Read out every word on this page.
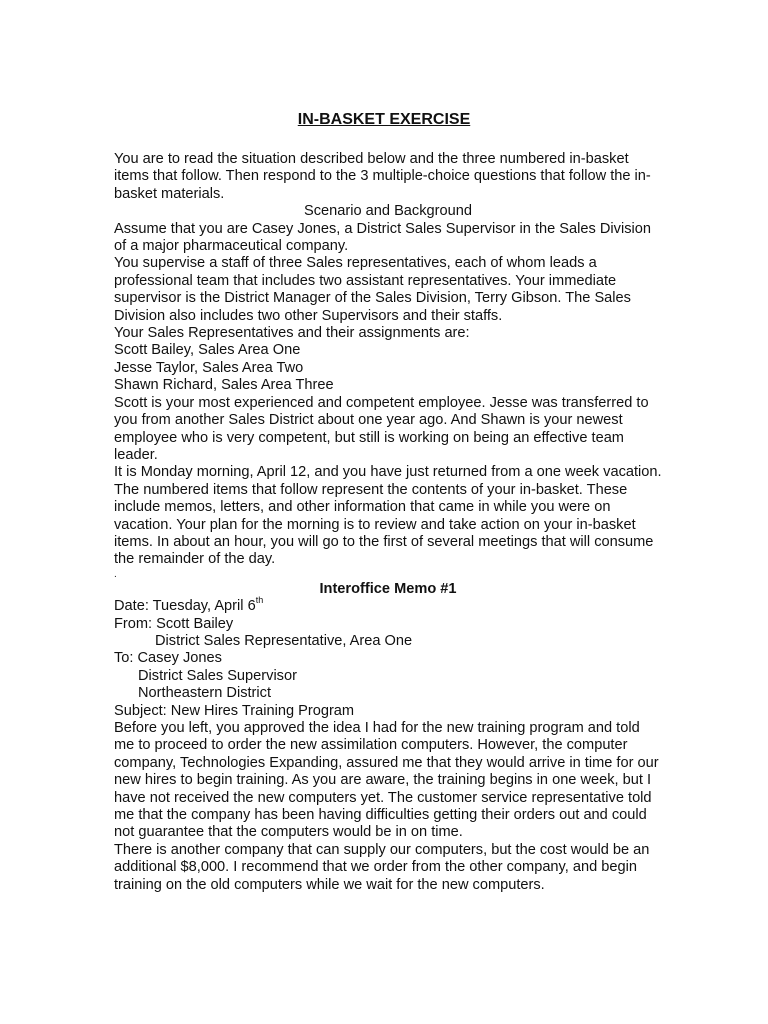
IN-BASKET EXERCISE

You are to read the situation described below and the three numbered in-basket items that follow. Then respond to the 3 multiple-choice questions that follow the in-basket materials.

Scenario and Background

Assume that you are Casey Jones, a District Sales Supervisor in the Sales Division of a major pharmaceutical company.

You supervise a staff of three Sales representatives, each of whom leads a professional team that includes two assistant representatives. Your immediate supervisor is the District Manager of the Sales Division, Terry Gibson. The Sales Division also includes two other Supervisors and their staffs.

Your Sales Representatives and their assignments are:

Scott Bailey, Sales Area One

Jesse Taylor, Sales Area Two

Shawn Richard, Sales Area Three

Scott is your most experienced and competent employee. Jesse was transferred to you from another Sales District about one year ago. And Shawn is your newest employee who is very competent, but still is working on being an effective team leader.

It is Monday morning, April 12, and you have just returned from a one week vacation. The numbered items that follow represent the contents of your in-basket. These include memos, letters, and other information that came in while you were on vacation. Your plan for the morning is to review and take action on your in-basket items. In about an hour, you will go to the first of several meetings that will consume the remainder of the day.

.

Interoffice Memo #1

Date: Tuesday, April 6th

From: Scott Bailey

District Sales Representative, Area One

To: Casey Jones

District Sales Supervisor

Northeastern District

Subject: New Hires Training Program

Before you left, you approved the idea I had for the new training program and told me to proceed to order the new assimilation computers. However, the computer company, Technologies Expanding, assured me that they would arrive in time for our new hires to begin training. As you are aware, the training begins in one week, but I have not received the new computers yet. The customer service representative told me that the company has been having difficulties getting their orders out and could not guarantee that the computers would be in on time.

There is another company that can supply our computers, but the cost would be an additional $8,000. I recommend that we order from the other company, and begin training on the old computers while we wait for the new computers.
